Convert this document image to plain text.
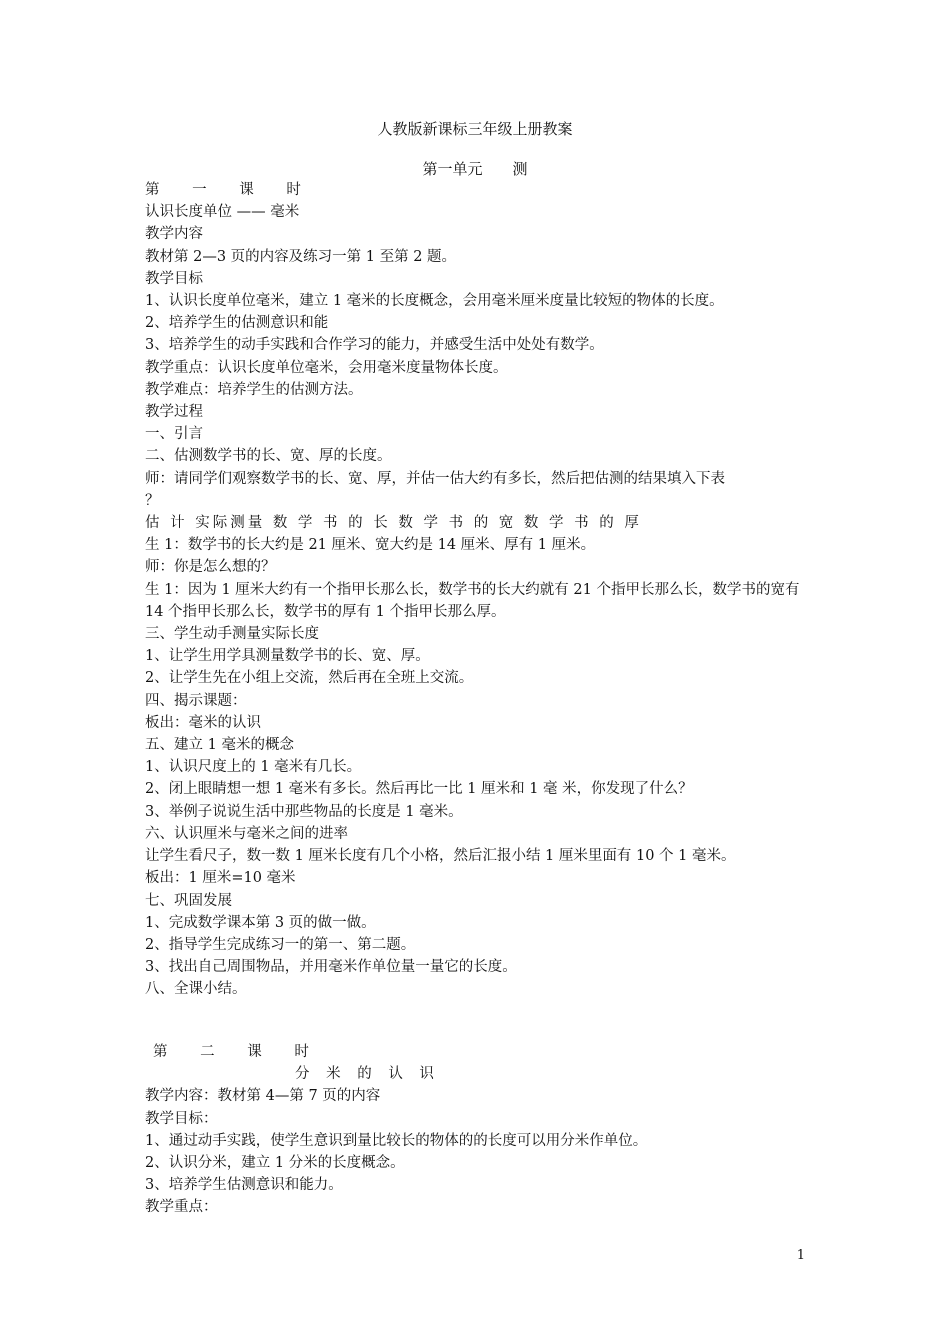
人教版新课标三年级上册教案
第一单元　　测

第 一 课 时

认识长度单位 —— 毫米

教学内容

教材第 2—3 页的内容及练习一第 1 至第 2 题。

教学目标

1、认识长度单位毫米，建立 1 毫米的长度概念，会用毫米厘米度量比较短的物体的长度。

2、培养学生的估测意识和能

3、培养学生的动手实践和合作学习的能力，并感受生活中处处有数学。

教学重点：认识长度单位毫米，会用毫米度量物体长度。

教学难点：培养学生的估测方法。

教学过程

一、引言

二、估测数学书的长、宽、厚的长度。

师：请同学们观察数学书的长、宽、厚，并估一估大约有多长，然后把估测的结果填入下表

？

估 计 实际测量 数 学 书 的 长 数 学 书 的 宽 数 学 书 的 厚

生 1：数学书的长大约是 21 厘米、宽大约是 14 厘米、厚有 1 厘米。

师：你是怎么想的？

生 1：因为 1 厘米大约有一个指甲长那么长，数学书的长大约就有 21 个指甲长那么长，数学书的宽有 14 个指甲长那么长，数学书的厚有 1 个指甲长那么厚。

三、学生动手测量实际长度

1、让学生用学具测量数学书的长、宽、厚。

2、让学生先在小组上交流，然后再在全班上交流。

四、揭示课题：

板出：毫米的认识

五、建立 1 毫米的概念

1、认识尺度上的 1 毫米有几长。

2、闭上眼睛想一想 1 毫米有多长。然后再比一比 1 厘米和 1 毫 米，你发现了什么？

3、举例子说说生活中那些物品的长度是 1 毫米。

六、认识厘米与毫米之间的进率

让学生看尺子，数一数 1 厘米长度有几个小格，然后汇报小结 1 厘米里面有 10 个 1 毫米。

板出：1 厘米=10 毫米

七、巩固发展

1、完成数学课本第 3 页的做一做。

2、指导学生完成练习一的第一、第二题。

3、找出自己周围物品，并用毫米作单位量一量它的长度。

八、全课小结。

第 二 课 时

分 米 的 认 识

教学内容：教材第 4—第 7 页的内容

教学目标：

1、通过动手实践，使学生意识到量比较长的物体的的长度可以用分米作单位。

2、认识分米，建立 1 分米的长度概念。

3、培养学生估测意识和能力。

教学重点：

1
